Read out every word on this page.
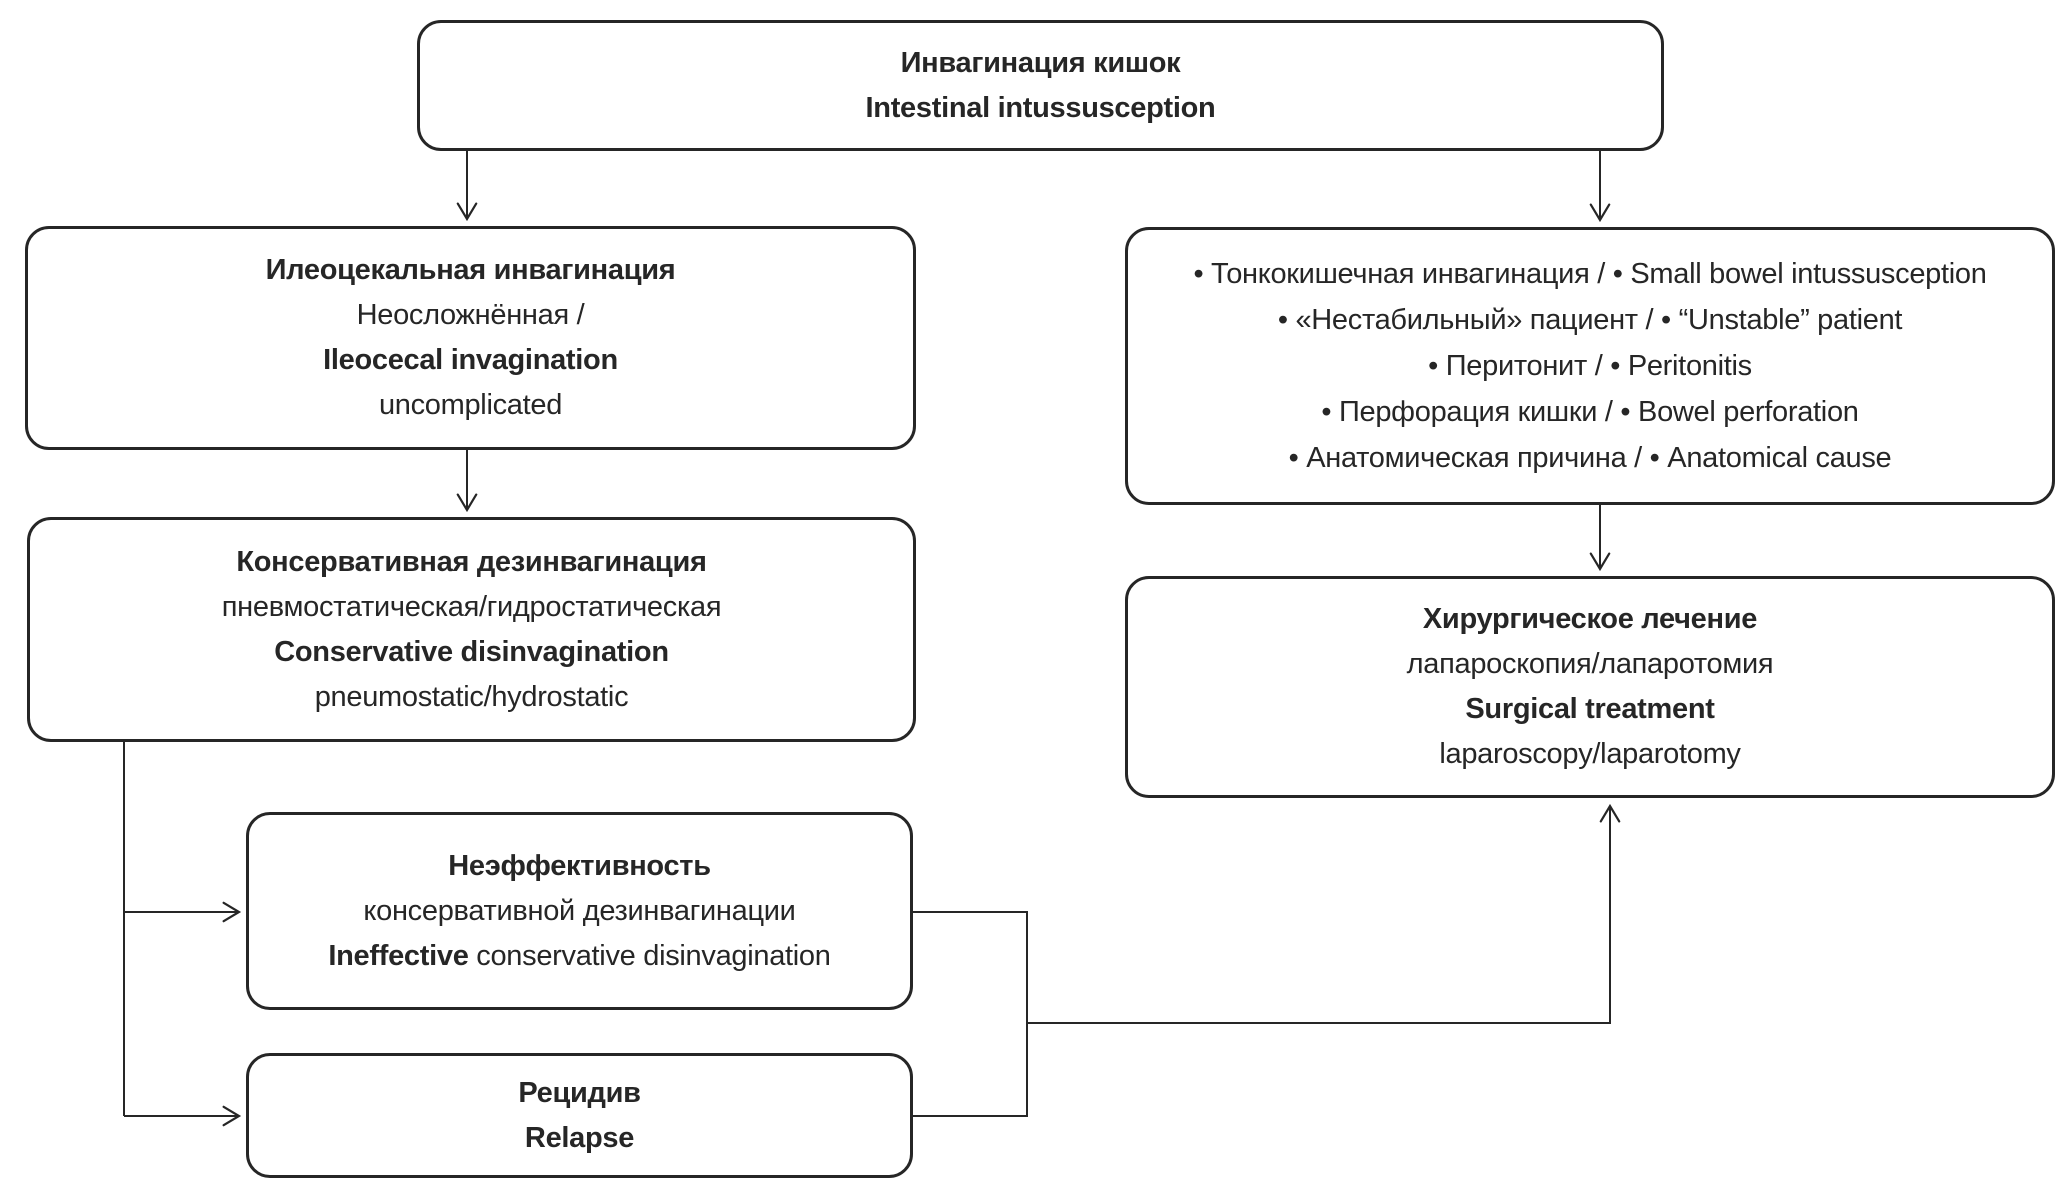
Инвагинация кишок
Intestinal intussusception
Илеоцекальная инвагинация
Неосложнённая /
Ileocecal invagination
uncomplicated
• Тонкокишечная инвагинация / • Small bowel intussusception
• «Нестабильный» пациент / • “Unstable” patient
• Перитонит / • Peritonitis
• Перфорация кишки / • Bowel perforation
• Анатомическая причина / • Anatomical cause
Консервативная дезинвагинация
пневмостатическая/гидростатическая
Conservative disinvagination
pneumostatic/hydrostatic
Хирургическое лечение
лапароскопия/лапаротомия
Surgical treatment
laparoscopy/laparotomy
Неэффективность
консервативной дезинвагинации
Ineffective conservative disinvagination
Рецидив
Relapse
